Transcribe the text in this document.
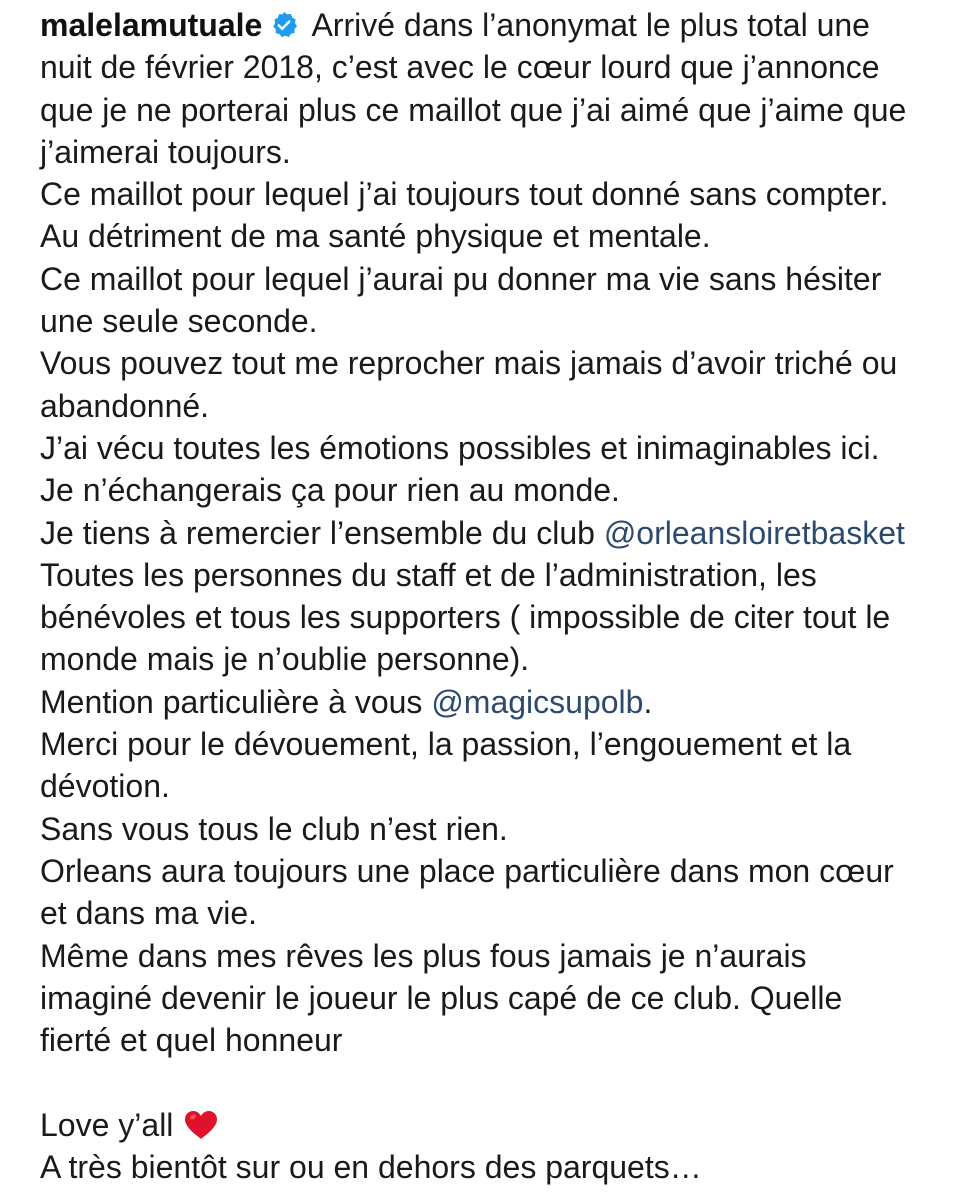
malelamutuale Arrivé dans l’anonymat le plus total une
nuit de février 2018, c’est avec le cœur lourd que j’annonce
que je ne porterai plus ce maillot que j’ai aimé que j’aime que
j’aimerai toujours.
Ce maillot pour lequel j’ai toujours tout donné sans compter.
Au détriment de ma santé physique et mentale.
Ce maillot pour lequel j’aurai pu donner ma vie sans hésiter
une seule seconde.
Vous pouvez tout me reprocher mais jamais d’avoir triché ou
abandonné.
J’ai vécu toutes les émotions possibles et inimaginables ici.
Je n’échangerais ça pour rien au monde.
Je tiens à remercier l’ensemble du club @orleansloiretbasket
Toutes les personnes du staff et de l’administration, les
bénévoles et tous les supporters ( impossible de citer tout le
monde mais je n’oublie personne).
Mention particulière à vous @magicsupolb.
Merci pour le dévouement, la passion, l’engouement et la
dévotion.
Sans vous tous le club n’est rien.
Orleans aura toujours une place particulière dans mon cœur
et dans ma vie.
Même dans mes rêves les plus fous jamais je n’aurais
imaginé devenir le joueur le plus capé de ce club. Quelle
fierté et quel honneur
Love y’all
A très bientôt sur ou en dehors des parquets…
